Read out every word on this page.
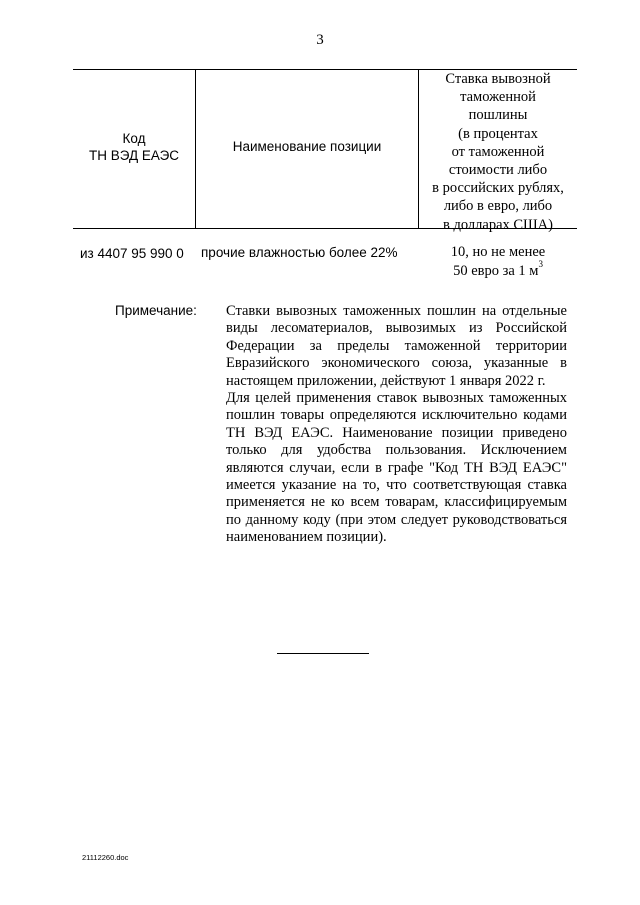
3
Код
ТН ВЭД ЕАЭС
Наименование позиции
Ставка вывозной
таможенной
пошлины
(в процентах
от таможенной
стоимости либо
в российских рублях,
либо в евро, либо
в долларах США)
из 4407 95 990 0 прочие влажностью более 22%	10, но не менее
50 евро за 1 $м^3$
Примечание: Ставки вывозных таможенных пошлин на отдельные виды лесоматериалов, вывозимых из Российской Федерации за пределы таможенной территории Евразийского экономического союза, указанные в настоящем приложении, действуют 1 января 2022 г.

Для целей применения ставок вывозных таможенных пошлин товары определяются исключительно кодами ТН ВЭД ЕАЭС. Наименование позиции приведено только для удобства пользования. Исключением являются случаи, если в графе "Код ТН ВЭД ЕАЭС" имеется указание на то, что соответствующая ставка применяется не ко всем товарам, классифицируемым по данному коду (при этом следует руководствоваться наименованием позиции).

21112260.doc
